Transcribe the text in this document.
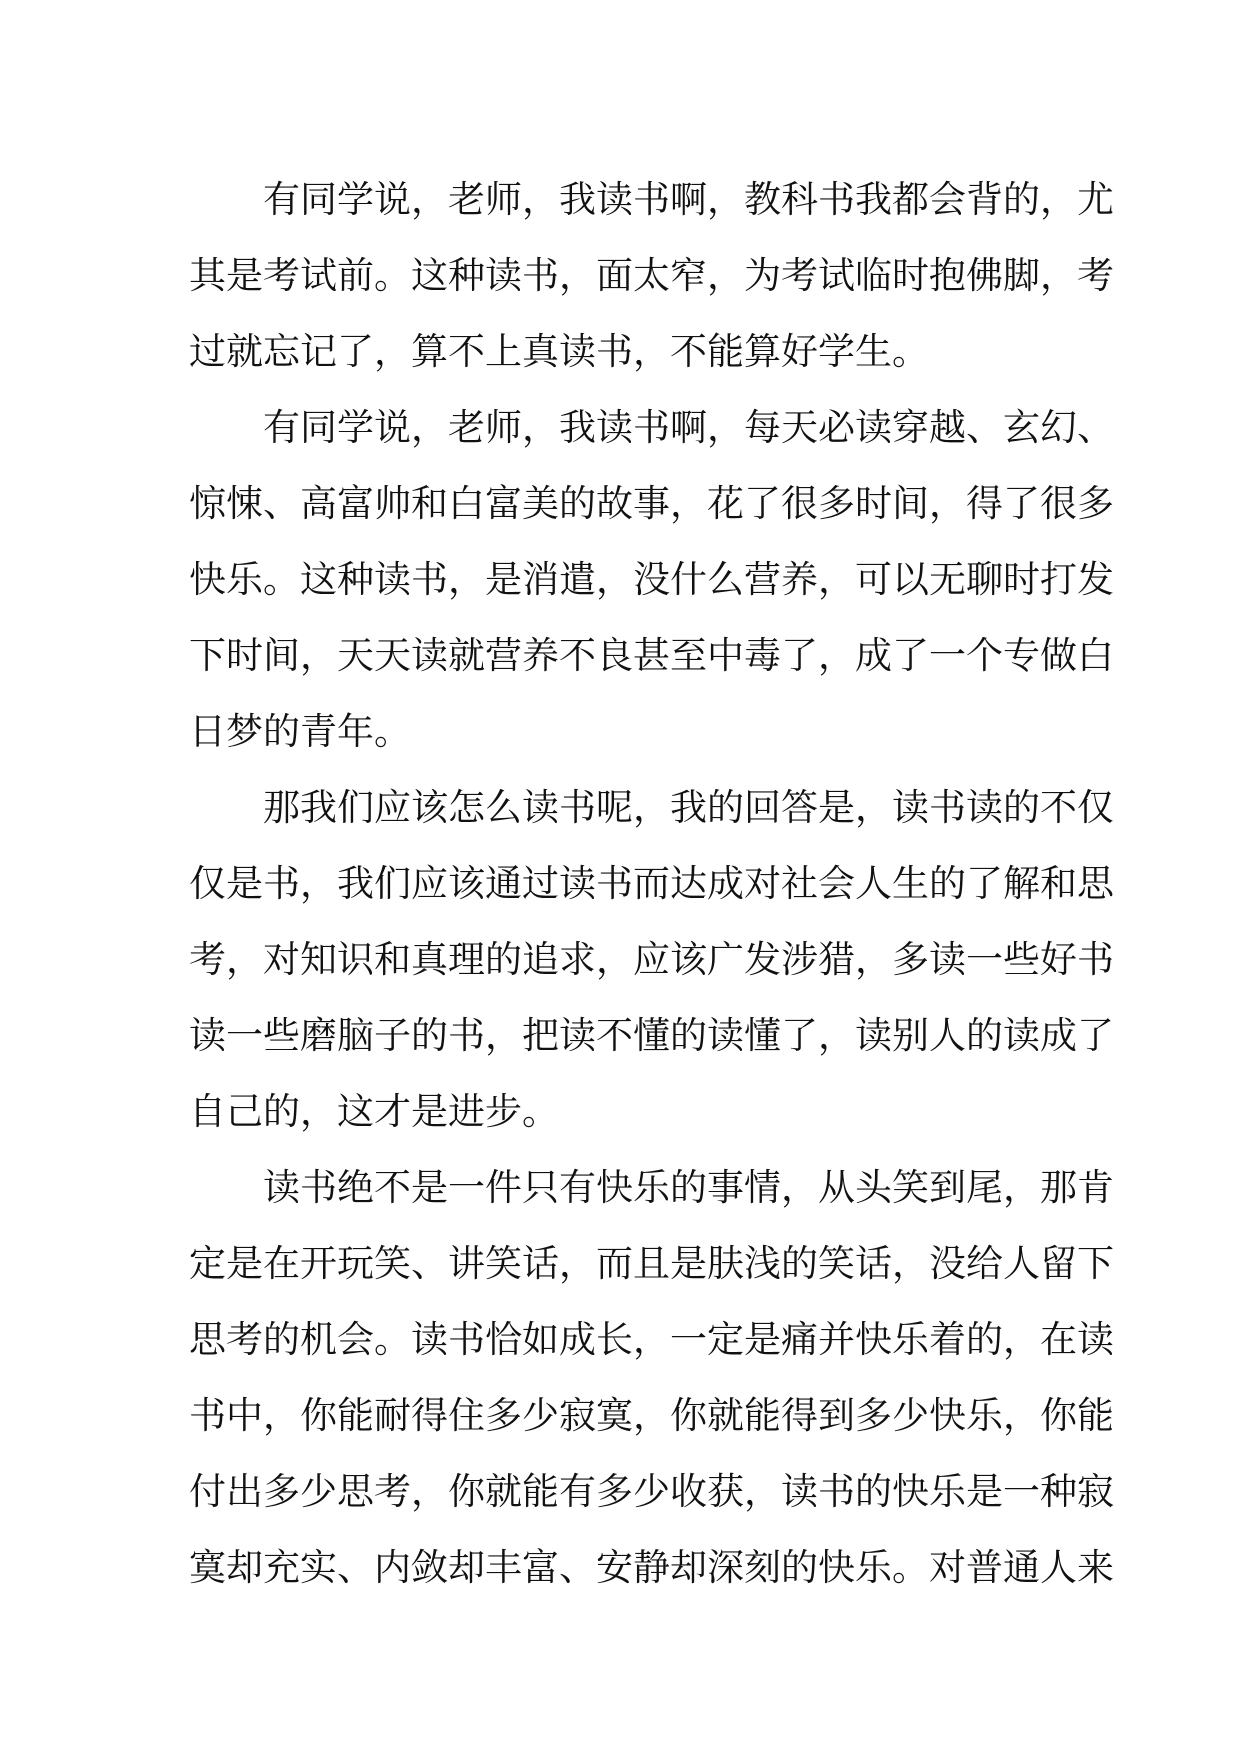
有同学说，老师，我读书啊，教科书我都会背的，尤
其是考试前。这种读书，面太窄，为考试临时抱佛脚，考
过就忘记了，算不上真读书，不能算好学生。
有同学说，老师，我读书啊，每天必读穿越、玄幻、
惊悚、高富帅和白富美的故事，花了很多时间，得了很多
快乐。这种读书，是消遣，没什么营养，可以无聊时打发
下时间，天天读就营养不良甚至中毒了，成了一个专做白
日梦的青年。
那我们应该怎么读书呢，我的回答是，读书读的不仅
仅是书，我们应该通过读书而达成对社会人生的了解和思
考，对知识和真理的追求，应该广发涉猎，多读一些好书
读一些磨脑子的书，把读不懂的读懂了，读别人的读成了
自己的，这才是进步。
读书绝不是一件只有快乐的事情，从头笑到尾，那肯
定是在开玩笑、讲笑话，而且是肤浅的笑话，没给人留下
思考的机会。读书恰如成长，一定是痛并快乐着的，在读
书中，你能耐得住多少寂寞，你就能得到多少快乐，你能
付出多少思考，你就能有多少收获，读书的快乐是一种寂
寞却充实、内敛却丰富、安静却深刻的快乐。对普通人来
